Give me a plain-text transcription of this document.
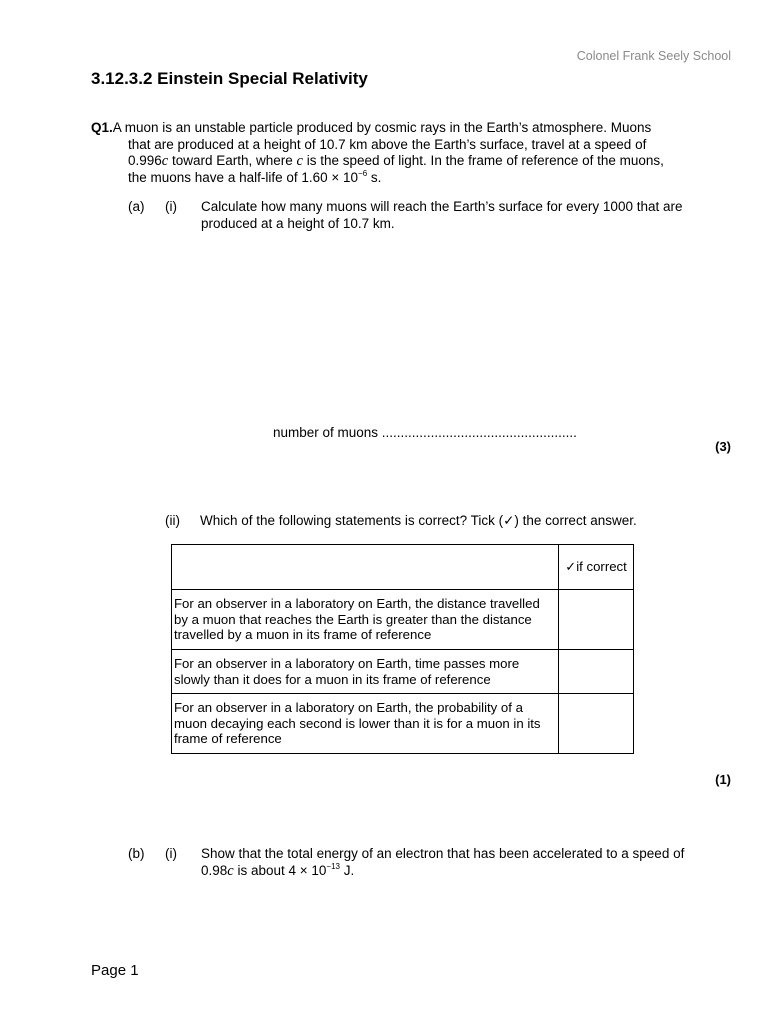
Colonel Frank Seely School
3.12.3.2 Einstein Special Relativity
Q1.A muon is an unstable particle produced by cosmic rays in the Earth’s atmosphere. Muons
that are produced at a height of 10.7 km above the Earth’s surface, travel at a speed of
0.996c toward Earth, where c is the speed of light. In the frame of reference of the muons,
the muons have a half-life of $1.60 \times 10^{-6}$ s.
(a) (i) Calculate how many muons will reach the Earth’s surface for every 1000 that are produced at a height of 10.7 km.
number of muons ....................................................
(3)
(ii) Which of the following statements is correct? Tick (✓) the correct answer.
	✓if correct
For an observer in a laboratory on Earth, the distance travelled by a muon that reaches the Earth is greater than the distance travelled by a muon in its frame of reference	
For an observer in a laboratory on Earth, time passes more slowly than it does for a muon in its frame of reference	
For an observer in a laboratory on Earth, the probability of a muon decaying each second is lower than it is for a muon in its frame of reference	
(1)
(b) (i) Show that the total energy of an electron that has been accelerated to a speed of 0.98c is about $4 \times 10^{-13}$ J.
Page 1
